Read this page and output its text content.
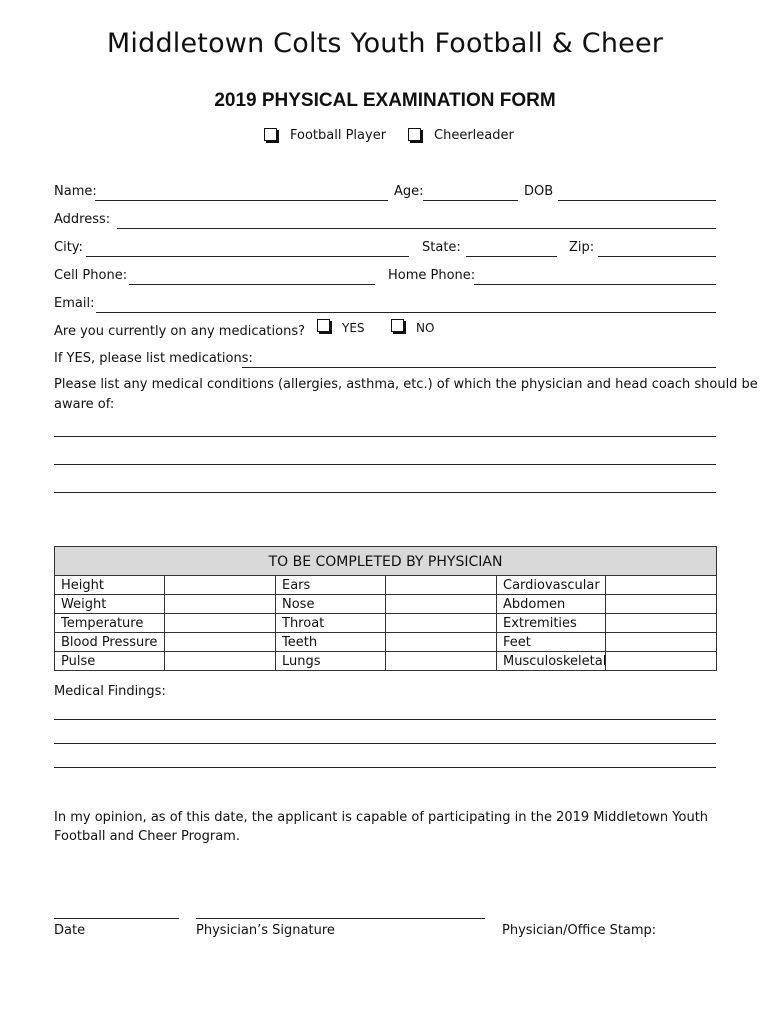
Middletown Colts Youth Football & Cheer
2019 PHYSICAL EXAMINATION FORM
Football Player	Cheerleader
Name:	Age:	DOB
Address:
City:	State:	Zip:
Cell Phone:	Home Phone:
Email:
Are you currently on any medications?	YES	NO
If YES, please list medications:
Please list any medical conditions (allergies, asthma, etc.) of which the physician and head coach should be
aware of:
TO BE COMPLETED BY PHYSICIAN					
Height		Ears		Cardiovascular	
Weight		Nose		Abdomen	
Temperature		Throat		Extremities	
Blood Pressure		Teeth		Feet	
Pulse		Lungs		Musculoskeletal	
Medical Findings:
In my opinion, as of this date, the applicant is capable of participating in the 2019 Middletown Youth
Football and Cheer Program.
Date	Physician’s Signature	Physician/Office Stamp:
